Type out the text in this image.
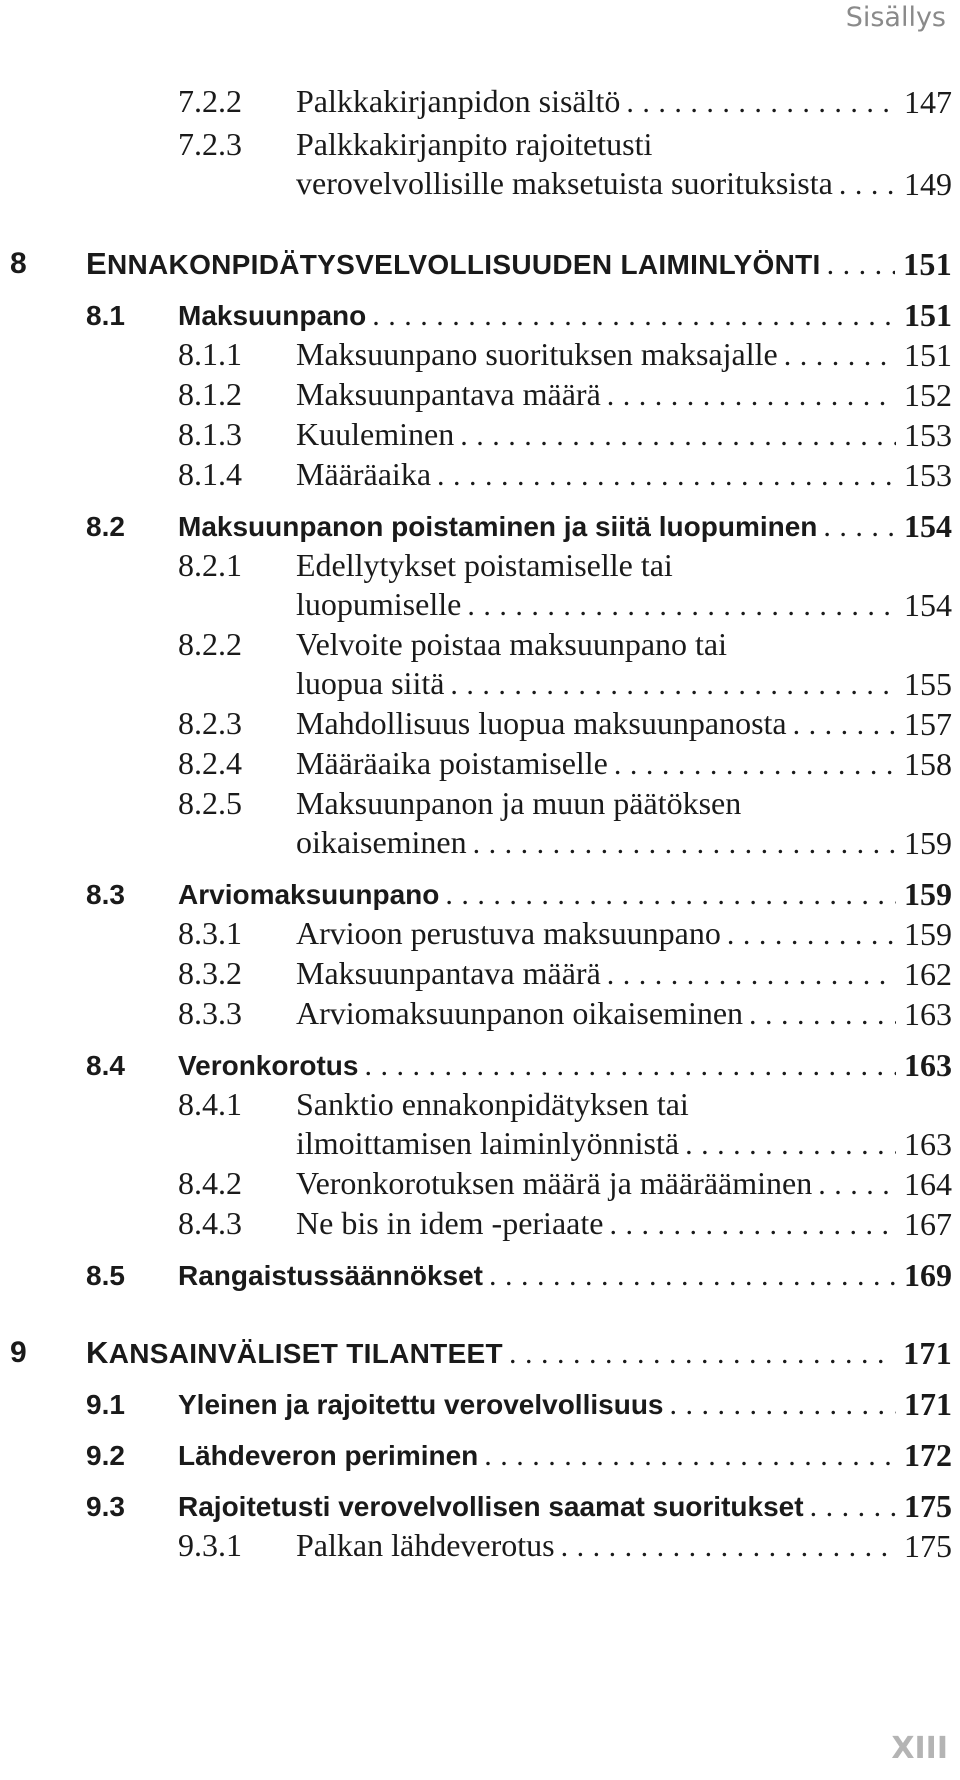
Sisällys
7.2.2 Palkkakirjanpidon sisältö	147
. . .
7.2.3 Palkkakirjanpito rajoitetusti
verovelvollisille maksetuista suorituksista 149
. . .
8 ENNAKONPIDÄTYSVELVOLLISUUDEN LAIMINLYÖNTI	151
. . .
8.1 Maksuunpano	151
. . .
8.1.1 Maksuunpano suorituksen maksajalle	151
. . .
8.1.2 Maksuunpantava määrä	152
. . .
8.1.3 Kuuleminen	153
. . .
8.1.4 Määräaika	153
. . .
8.2 Maksuunpanon poistaminen ja siitä luopuminen	154
. . .
8.2.1 Edellytykset poistamiselle tai
luopumiselle	154
. . .
8.2.2 Velvoite poistaa maksuunpano tai
luopua siitä	155
. . .
8.2.3 Mahdollisuus luopua maksuunpanosta	157
. . .
8.2.4 Määräaika poistamiselle	158
. . .
8.2.5 Maksuunpanon ja muun päätöksen
oikaiseminen	159
. . .
8.3 Arviomaksuunpano	159
. . .
8.3.1 Arvioon perustuva maksuunpano	159
. . .
8.3.2 Maksuunpantava määrä	162
. . .
8.3.3 Arviomaksuunpanon oikaiseminen	163
. . .
8.4 Veronkorotus	163
. . .
8.4.1 Sanktio ennakonpidätyksen tai
ilmoittamisen laiminlyönnistä	163
. . .
8.4.2 Veronkorotuksen määrä ja määrääminen	164
. . .
8.4.3 Ne bis in idem -periaate	167
. . .
8.5 Rangaistussäännökset	169
. . .
9 KANSAINVÄLISET TILANTEET	171
. . .
9.1 Yleinen ja rajoitettu verovelvollisuus	171
. . .
9.2 Lähdeveron periminen	172
. . .
9.3 Rajoitetusti verovelvollisen saamat suoritukset	175
. . .
9.3.1 Palkan lähdeverotus	175
. . .
XIII
